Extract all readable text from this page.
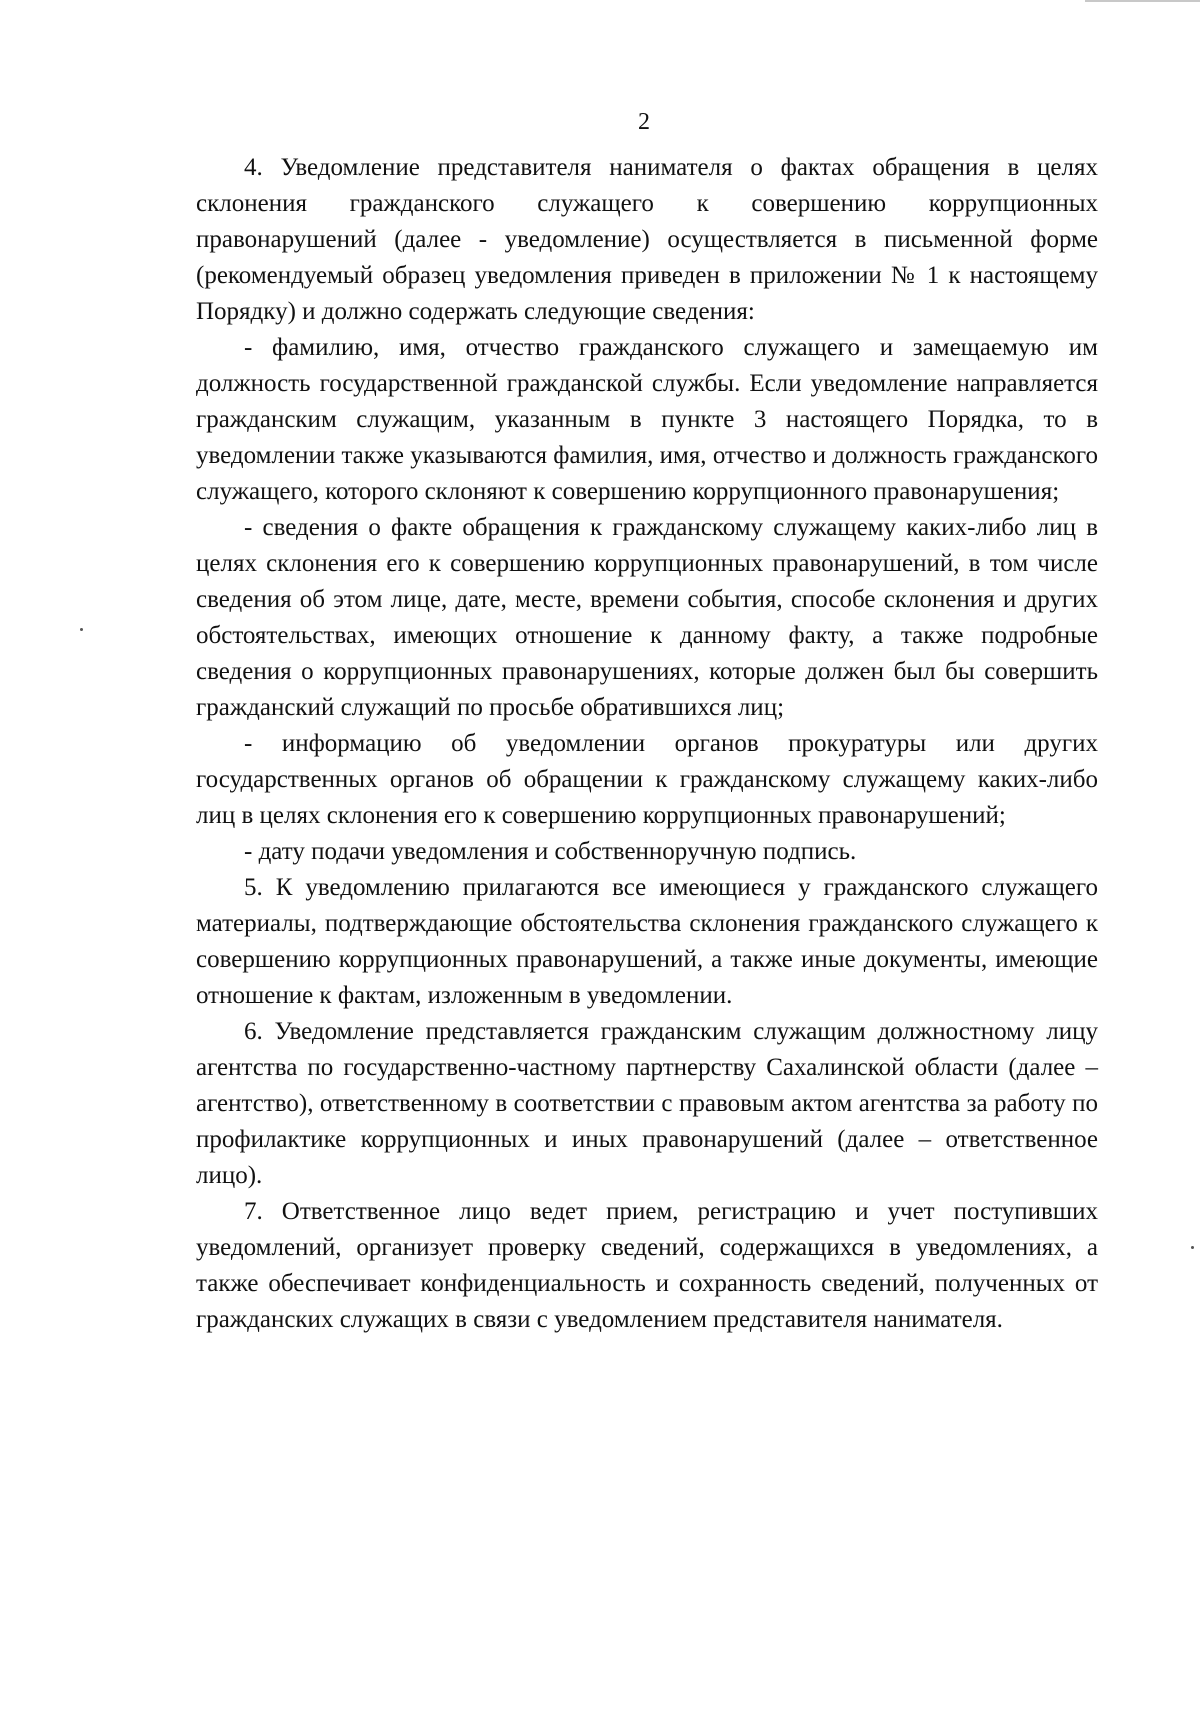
2

4. Уведомление представителя нанимателя о фактах обращения в целях склонения гражданского служащего к совершению коррупционных правонарушений (далее - уведомление) осуществляется в письменной форме (рекомендуемый образец уведомления приведен в приложении № 1 к настоящему Порядку) и должно содержать следующие сведения:

- фамилию, имя, отчество гражданского служащего и замещаемую им должность государственной гражданской службы. Если уведомление направляется гражданским служащим, указанным в пункте 3 настоящего Порядка, то в уведомлении также указываются фамилия, имя, отчество и должность гражданского служащего, которого склоняют к совершению коррупционного правонарушения;

- сведения о факте обращения к гражданскому служащему каких-либо лиц в целях склонения его к совершению коррупционных правонарушений, в том числе сведения об этом лице, дате, месте, времени события, способе склонения и других обстоятельствах, имеющих отношение к данному факту, а также подробные сведения о коррупционных правонарушениях, которые должен был бы совершить гражданский служащий по просьбе обратившихся лиц;

- информацию об уведомлении органов прокуратуры или других государственных органов об обращении к гражданскому служащему каких-либо лиц в целях склонения его к совершению коррупционных правонарушений;

- дату подачи уведомления и собственноручную подпись.

5. К уведомлению прилагаются все имеющиеся у гражданского служащего материалы, подтверждающие обстоятельства склонения гражданского служащего к совершению коррупционных правонарушений, а также иные документы, имеющие отношение к фактам, изложенным в уведомлении.

6. Уведомление представляется гражданским служащим должностному лицу агентства по государственно-частному партнерству Сахалинской области (далее – агентство), ответственному в соответствии с правовым актом агентства за работу по профилактике коррупционных и иных правонарушений (далее – ответственное лицо).

7. Ответственное лицо ведет прием, регистрацию и учет поступивших уведомлений, организует проверку сведений, содержащихся в уведомлениях, а также обеспечивает конфиденциальность и сохранность сведений, полученных от гражданских служащих в связи с уведомлением представителя нанимателя.
